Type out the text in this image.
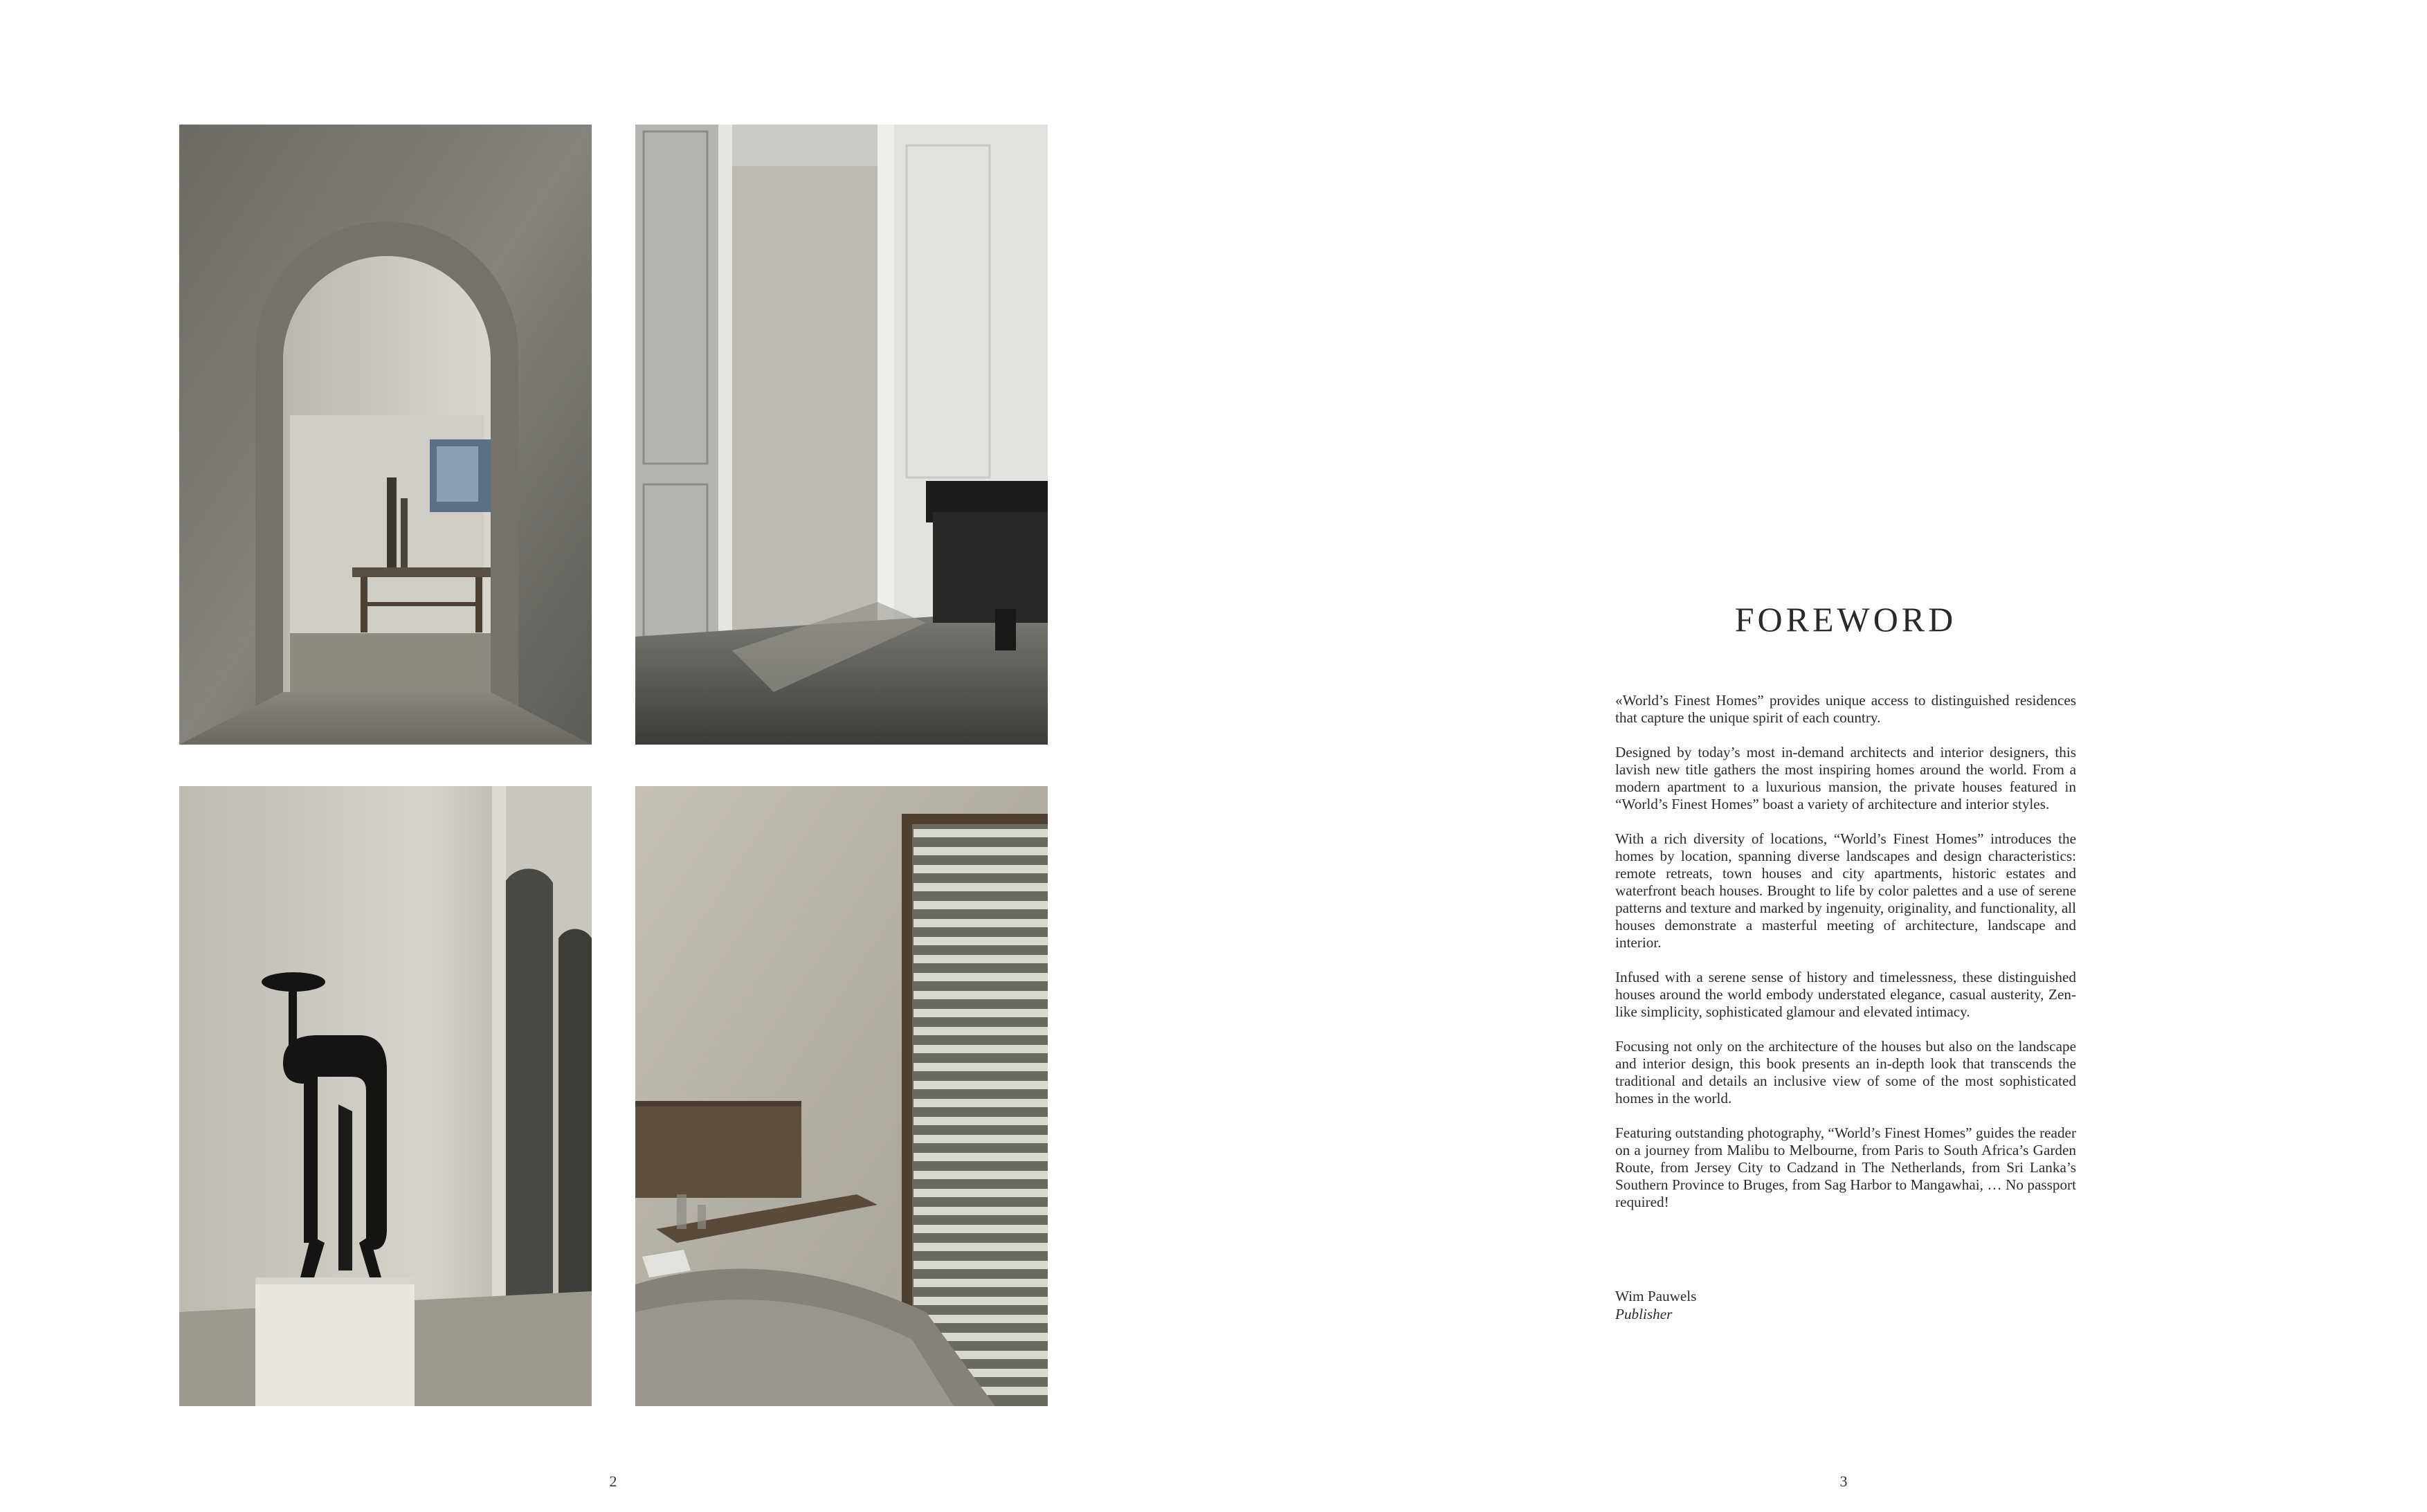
2
FOREWORD

«World’s Finest Homes” provides unique access to distinguished residences that capture the unique spirit of each country.

Designed by today’s most in-demand architects and interior designers, this lavish new title gathers the most inspiring homes around the world. From a modern apartment to a luxurious mansion, the private houses featured in “World’s Finest Homes” boast a variety of architecture and interior styles.

With a rich diversity of locations, “World’s Finest Homes” introduces the homes by location, spanning diverse landscapes and design characteristics: remote retreats, town houses and city apartments, historic estates and waterfront beach houses. Brought to life by color palettes and a use of serene patterns and texture and marked by ingenuity, originality, and functionality, all houses demonstrate a masterful meeting of architecture, landscape and interior.

Infused with a serene sense of history and timelessness, these distinguished houses around the world embody understated elegance, casual austerity, Zen-like simplicity, sophisticated glamour and elevated intimacy.

Focusing not only on the architecture of the houses but also on the landscape and interior design, this book presents an in-depth look that transcends the traditional and details an inclusive view of some of the most sophisticated homes in the world.

Featuring outstanding photography, “World’s Finest Homes” guides the reader on a journey from Malibu to Melbourne, from Paris to South Africa’s Garden Route, from Jersey City to Cadzand in The Netherlands, from Sri Lanka’s Southern Province to Bruges, from Sag Harbor to Mangawhai, … No passport required!

Wim Pauwels
Publisher
3
